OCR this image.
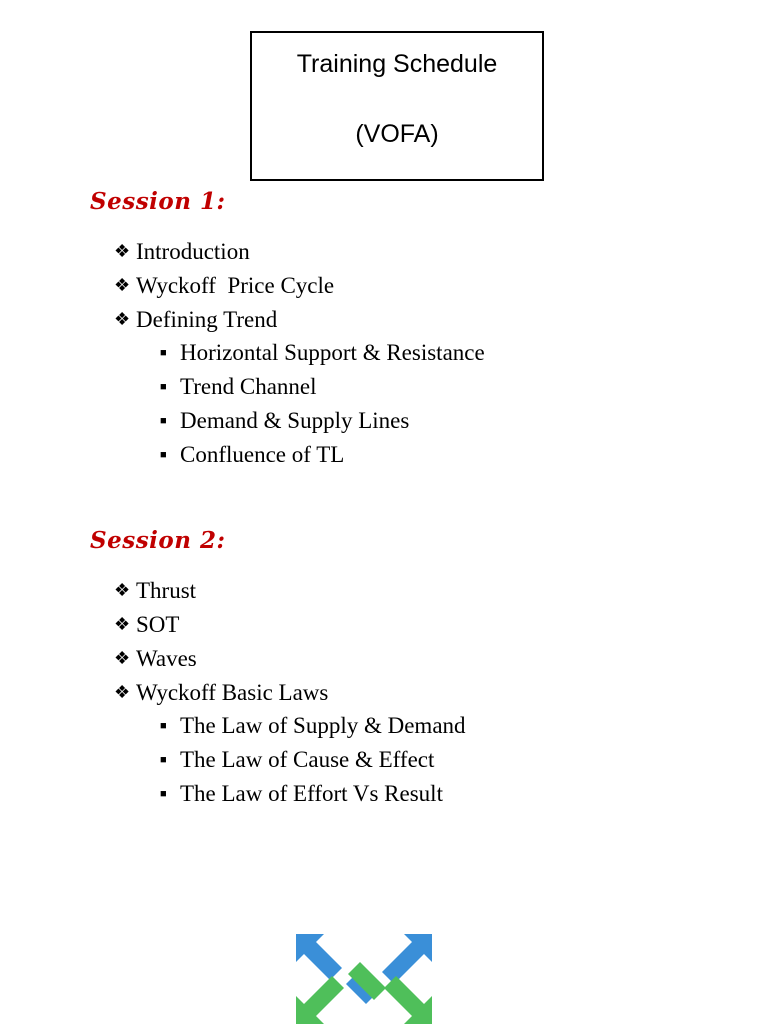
Training Schedule
(VOFA)
Session 1:
❖ Introduction
❖ Wyckoff  Price Cycle
❖ Defining Trend
■ Horizontal Support & Resistance
■ Trend Channel
■ Demand & Supply Lines
■ Confluence of TL
Session 2:
❖ Thrust
❖ SOT
❖ Waves
❖ Wyckoff Basic Laws
■ The Law of Supply & Demand
■ The Law of Cause & Effect
■ The Law of Effort Vs Result
